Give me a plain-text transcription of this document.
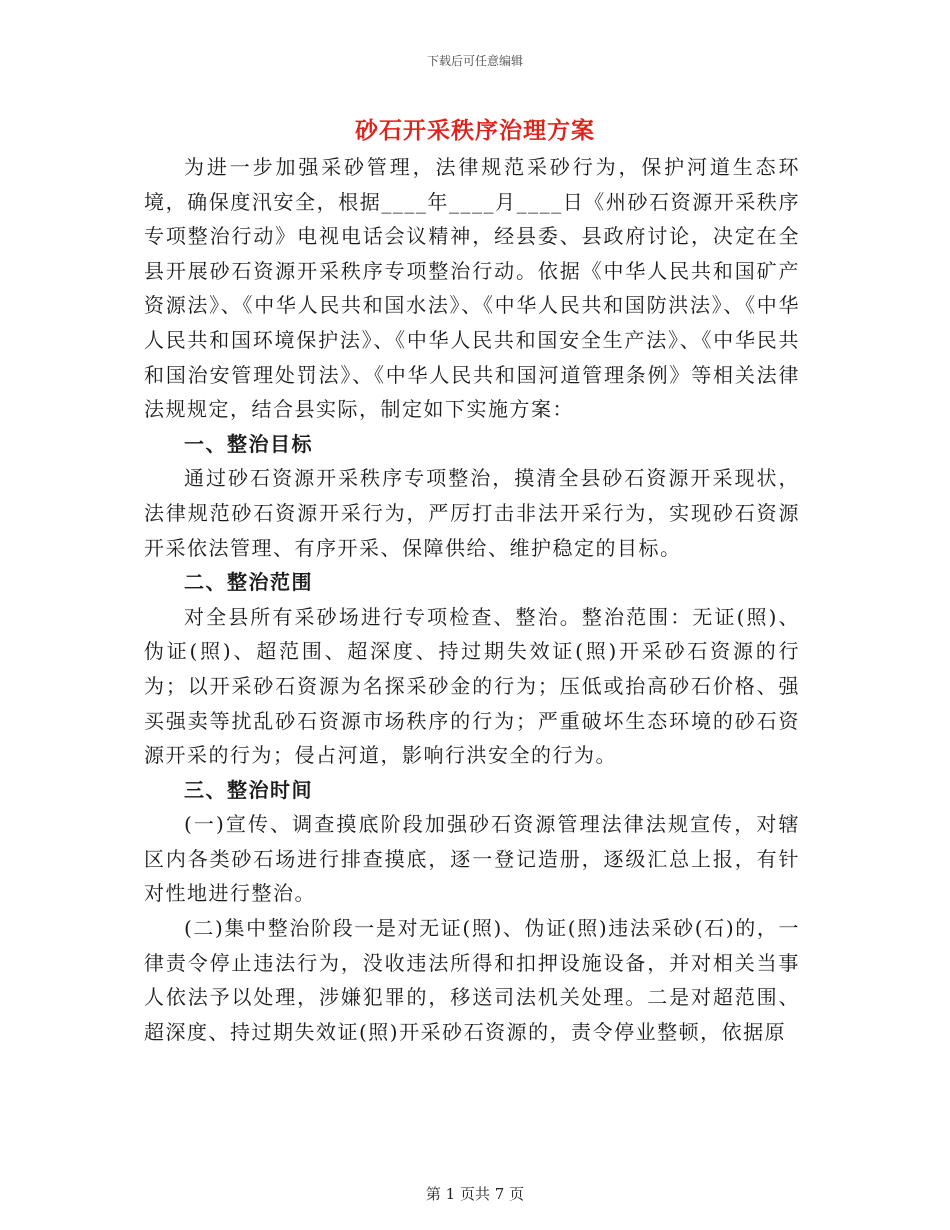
下载后可任意编辑
砂石开采秩序治理方案

为进一步加强采砂管理，法律规范采砂行为，保护河道生态环境，确保度汛安全，根据____年____月____日《州砂石资源开采秩序专项整治行动》电视电话会议精神，经县委、县政府讨论，决定在全县开展砂石资源开采秩序专项整治行动。依据《中华人民共和国矿产资源法》、《中华人民共和国水法》、《中华人民共和国防洪法》、《中华人民共和国环境保护法》、《中华人民共和国安全生产法》、《中华民共和国治安管理处罚法》、《中华人民共和国河道管理条例》等相关法律法规规定，结合县实际，制定如下实施方案：

一、整治目标

通过砂石资源开采秩序专项整治，摸清全县砂石资源开采现状，法律规范砂石资源开采行为，严厉打击非法开采行为，实现砂石资源开采依法管理、有序开采、保障供给、维护稳定的目标。

二、整治范围

对全县所有采砂场进行专项检查、整治。整治范围：无证(照)、伪证(照)、超范围、超深度、持过期失效证(照)开采砂石资源的行为；以开采砂石资源为名探采砂金的行为；压低或抬高砂石价格、强买强卖等扰乱砂石资源市场秩序的行为；严重破坏生态环境的砂石资源开采的行为；侵占河道，影响行洪安全的行为。

三、整治时间

(一)宣传、调查摸底阶段加强砂石资源管理法律法规宣传，对辖区内各类砂石场进行排查摸底，逐一登记造册，逐级汇总上报，有针对性地进行整治。

(二)集中整治阶段一是对无证(照)、伪证(照)违法采砂(石)的，一律责令停止违法行为，没收违法所得和扣押设施设备，并对相关当事人依法予以处理，涉嫌犯罪的，移送司法机关处理。二是对超范围、超深度、持过期失效证(照)开采砂石资源的，责令停业整顿，依据原

第 1 页共 7 页
